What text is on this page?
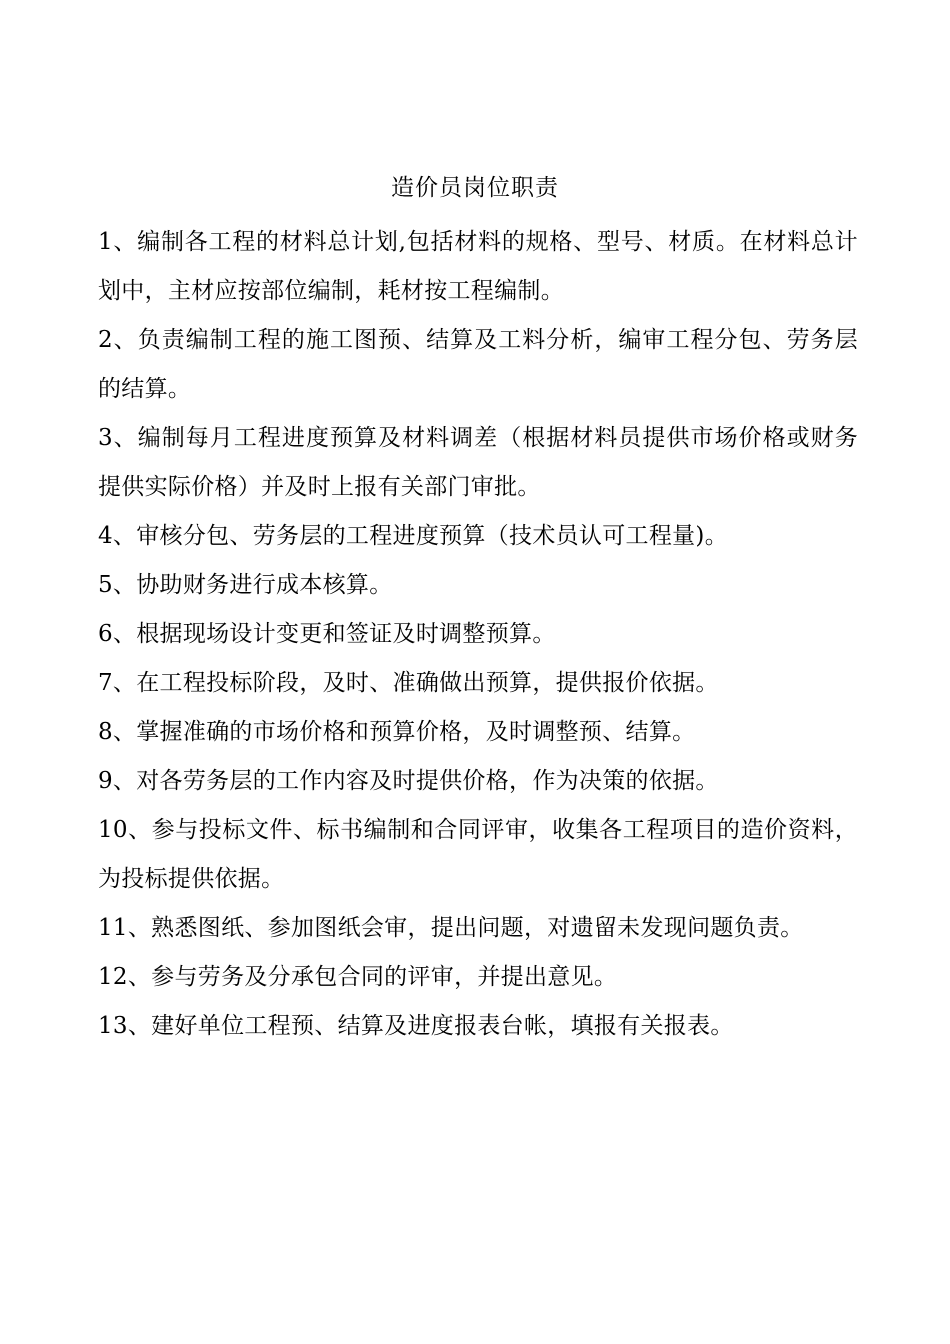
造价员岗位职责
1、编制各工程的材料总计划,包括材料的规格、型号、材质。在材料总计划中，主材应按部位编制，耗材按工程编制。
2、负责编制工程的施工图预、结算及工料分析，编审工程分包、劳务层的结算。
3、编制每月工程进度预算及材料调差（根据材料员提供市场价格或财务提供实际价格）并及时上报有关部门审批。
4、审核分包、劳务层的工程进度预算（技术员认可工程量)。
5、协助财务进行成本核算。
6、根据现场设计变更和签证及时调整预算。
7、在工程投标阶段，及时、准确做出预算，提供报价依据。
8、掌握准确的市场价格和预算价格，及时调整预、结算。
9、对各劳务层的工作内容及时提供价格，作为决策的依据。
10、参与投标文件、标书编制和合同评审，收集各工程项目的造价资料，为投标提供依据。
11、熟悉图纸、参加图纸会审，提出问题，对遗留未发现问题负责。
12、参与劳务及分承包合同的评审，并提出意见。
13、建好单位工程预、结算及进度报表台帐，填报有关报表。
